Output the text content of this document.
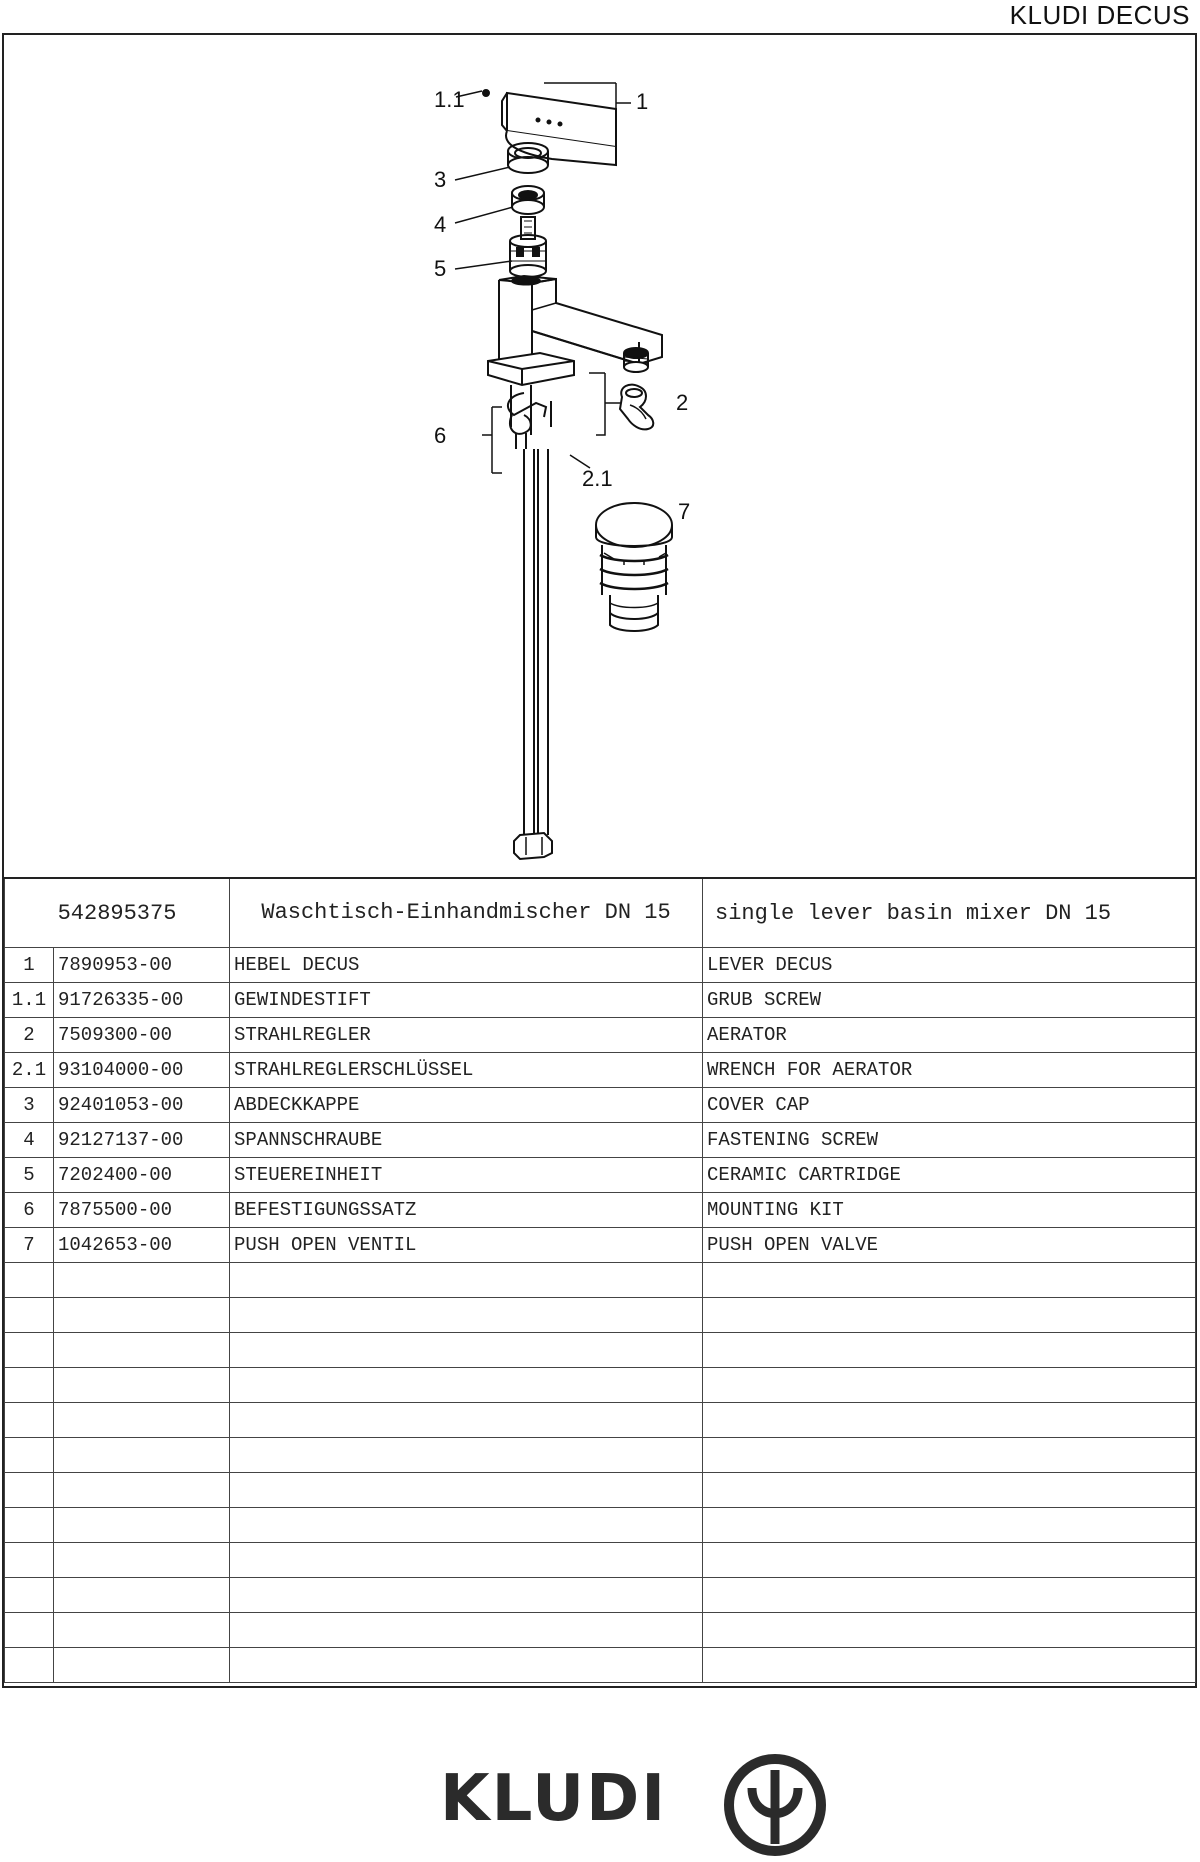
KLUDI DECUS
1.1	1
3
4
5
2
6
2.1
7
542895375		Waschtisch-Einhandmischer DN 15	single lever basin mixer DN 15
1	7890953-00	HEBEL DECUS	LEVER DECUS
1.1	91726335-00	GEWINDESTIFT	GRUB SCREW
2	7509300-00	STRAHLREGLER	AERATOR
2.1	93104000-00	STRAHLREGLERSCHLÜSSEL	WRENCH FOR AERATOR
3	92401053-00	ABDECKKAPPE	COVER CAP
4	92127137-00	SPANNSCHRAUBE	FASTENING SCREW
5	7202400-00	STEUEREINHEIT	CERAMIC CARTRIDGE
6	7875500-00	BEFESTIGUNGSSATZ	MOUNTING KIT
7	1042653-00	PUSH OPEN VENTIL	PUSH OPEN VALVE

KLUDI
